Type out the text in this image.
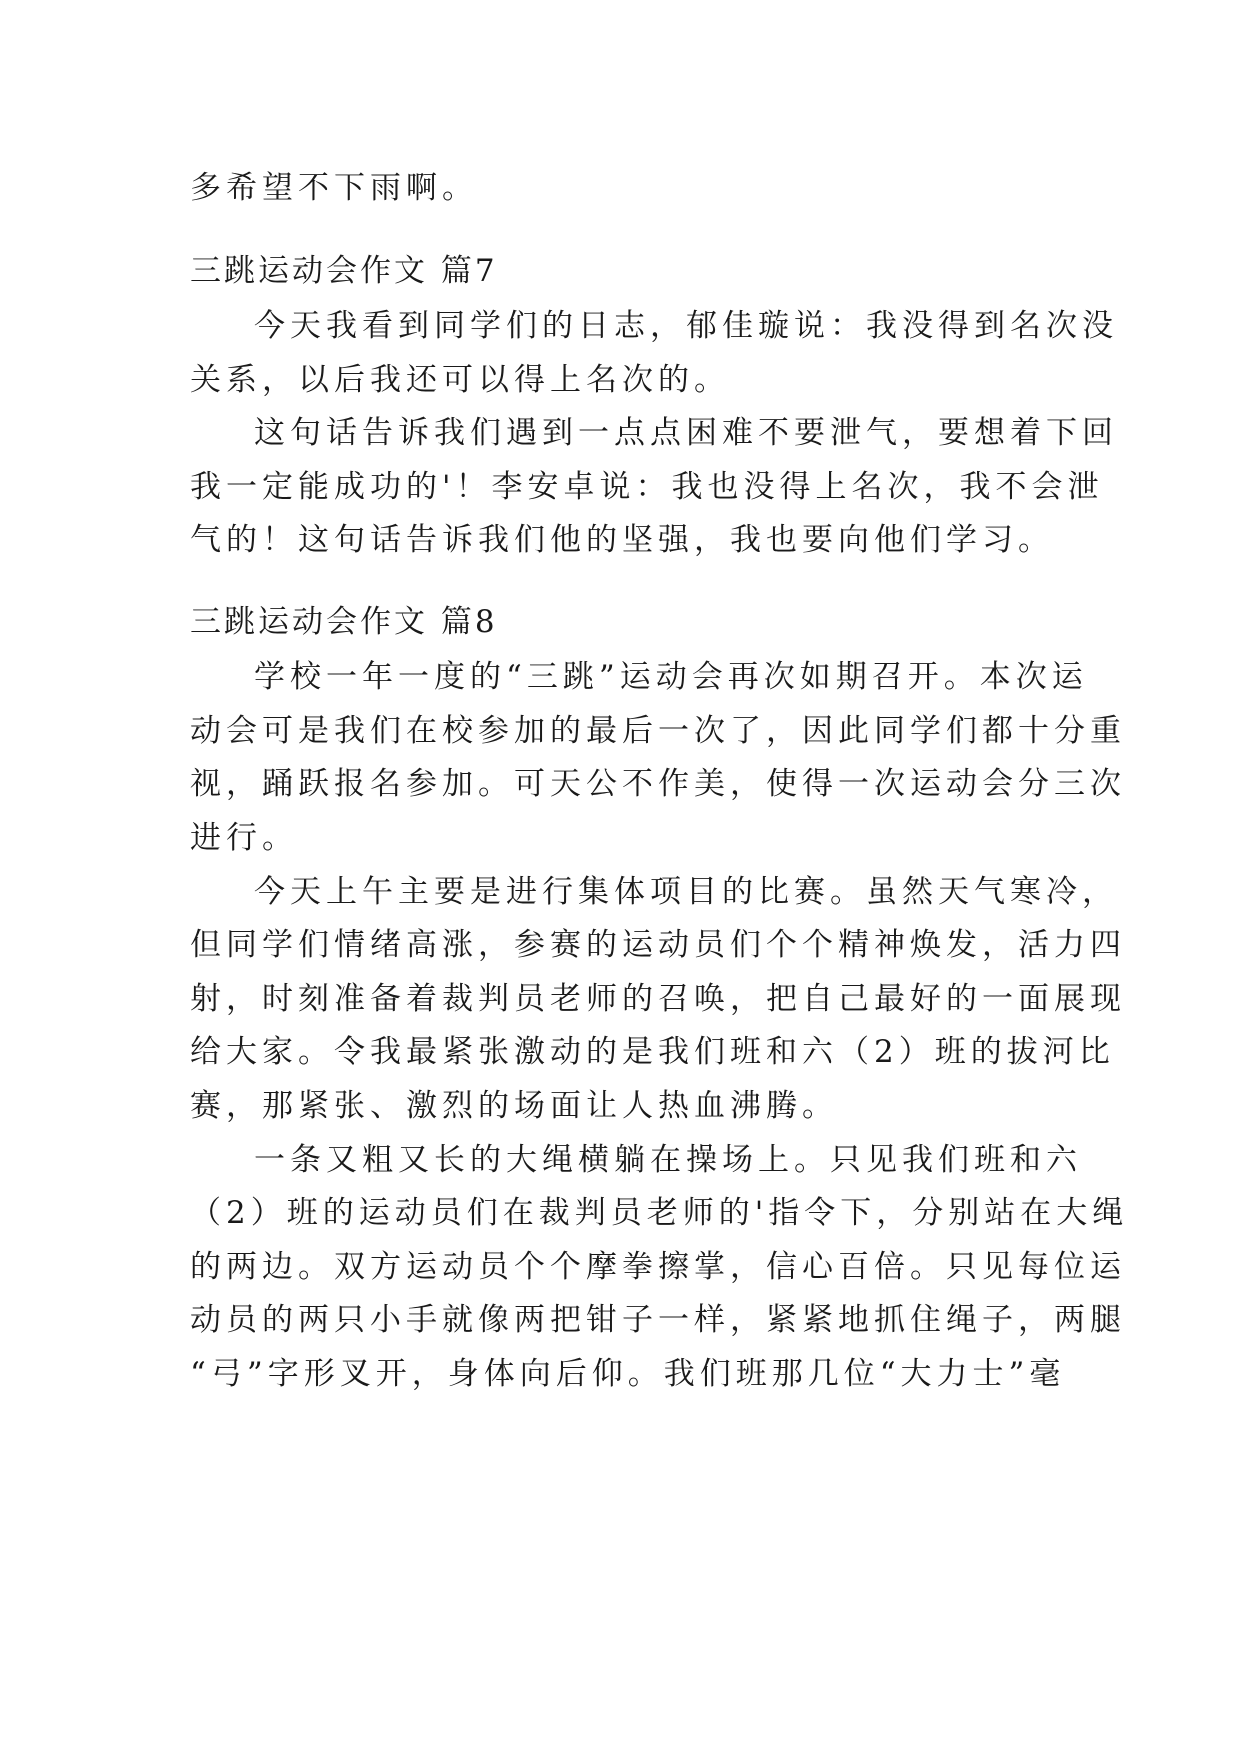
多希望不下雨啊。
三跳运动会作文 篇7
今天我看到同学们的日志，郁佳璇说：我没得到名次没
关系，以后我还可以得上名次的。
这句话告诉我们遇到一点点困难不要泄气，要想着下回
我一定能成功的'！李安卓说：我也没得上名次，我不会泄
气的！这句话告诉我们他的坚强，我也要向他们学习。
三跳运动会作文 篇8
学校一年一度的“三跳”运动会再次如期召开。本次运
动会可是我们在校参加的最后一次了，因此同学们都十分重
视，踊跃报名参加。可天公不作美，使得一次运动会分三次
进行。
今天上午主要是进行集体项目的比赛。虽然天气寒冷，
但同学们情绪高涨，参赛的运动员们个个精神焕发，活力四
射，时刻准备着裁判员老师的召唤，把自己最好的一面展现
给大家。令我最紧张激动的是我们班和六（2）班的拔河比
赛，那紧张、激烈的场面让人热血沸腾。
一条又粗又长的大绳横躺在操场上。只见我们班和六
（2）班的运动员们在裁判员老师的'指令下，分别站在大绳
的两边。双方运动员个个摩拳擦掌，信心百倍。只见每位运
动员的两只小手就像两把钳子一样，紧紧地抓住绳子，两腿
“弓”字形叉开，身体向后仰。我们班那几位“大力士”毫
